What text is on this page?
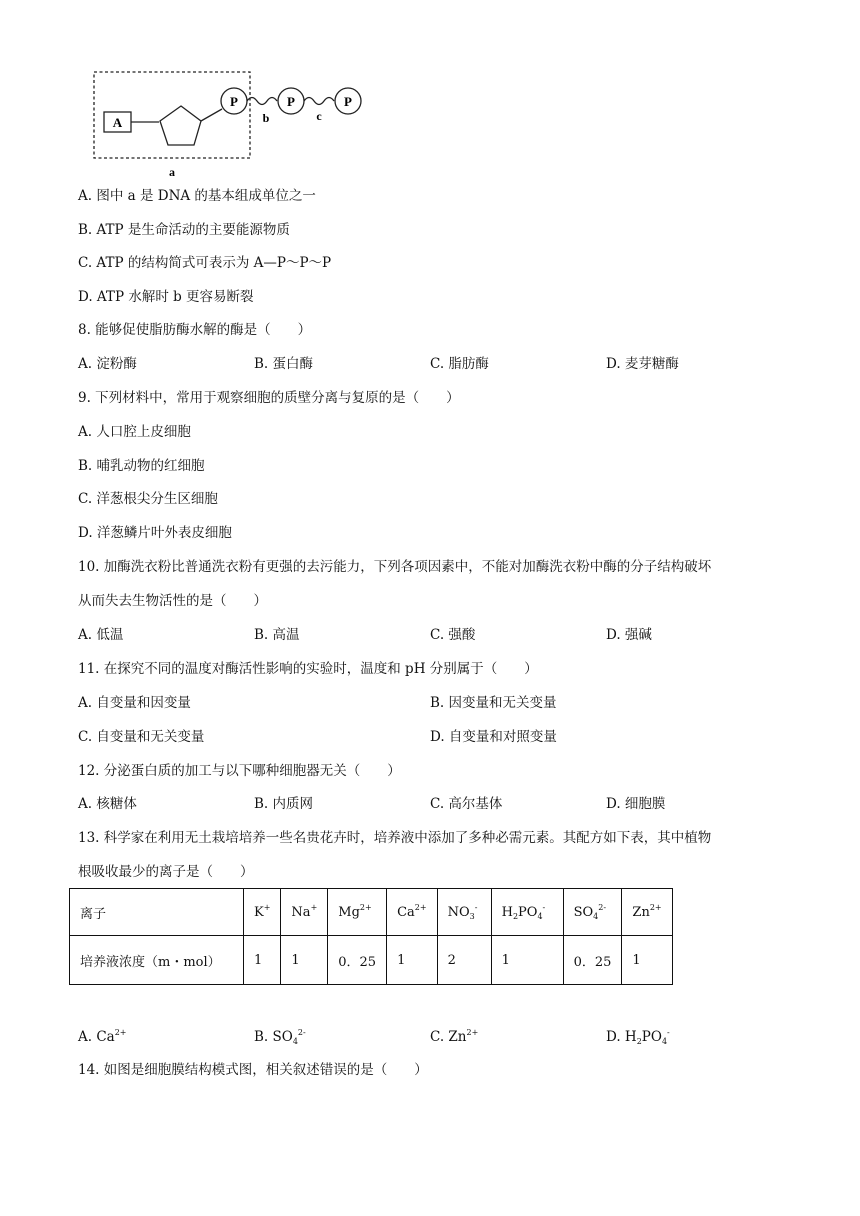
A
P	P	P
b	c
a
A. 图中 a 是 DNA 的基本组成单位之一
B. ATP 是生命活动的主要能源物质
C. ATP 的结构简式可表示为 A—P～P～P
D. ATP 水解时 b 更容易断裂
8. 能够促使脂肪酶水解的酶是（　　）
A. 淀粉酶	B. 蛋白酶	C. 脂肪酶	D. 麦芽糖酶
9. 下列材料中，常用于观察细胞的质壁分离与复原的是（　　）
A. 人口腔上皮细胞
B. 哺乳动物的红细胞
C. 洋葱根尖分生区细胞
D. 洋葱鳞片叶外表皮细胞
10. 加酶洗衣粉比普通洗衣粉有更强的去污能力，下列各项因素中，不能对加酶洗衣粉中酶的分子结构破坏
从而失去生物活性的是（　　）
A. 低温	B. 高温	C. 强酸	D. 强碱
11. 在探究不同的温度对酶活性影响的实验时，温度和 pH 分别属于（　　）
A. 自变量和因变量	B. 因变量和无关变量
C. 自变量和无关变量	D. 自变量和对照变量
12. 分泌蛋白质的加工与以下哪种细胞器无关（　　）
A. 核糖体	B. 内质网	C. 高尔基体	D. 细胞膜
13. 科学家在利用无土栽培培养一些名贵花卉时，培养液中添加了多种必需元素。其配方如下表，其中植物
根吸收最少的离子是（　　）
离子	K+	Na+	$Mg^{2+}$	$Ca^{2+}$	$NO_3^-$	$H_2PO_4^-$	$SO_4^{2-}$	$Zn^{2+}$
培养液浓度（m・mol）	1	1	0．25	1	2	1	0．25	1
A. $Ca^{2+}$	B. $SO_4^{2-}$	C. $Zn^{2+}$	D. $H_2PO_4^-$
14. 如图是细胞膜结构模式图，相关叙述错误的是（　　）
